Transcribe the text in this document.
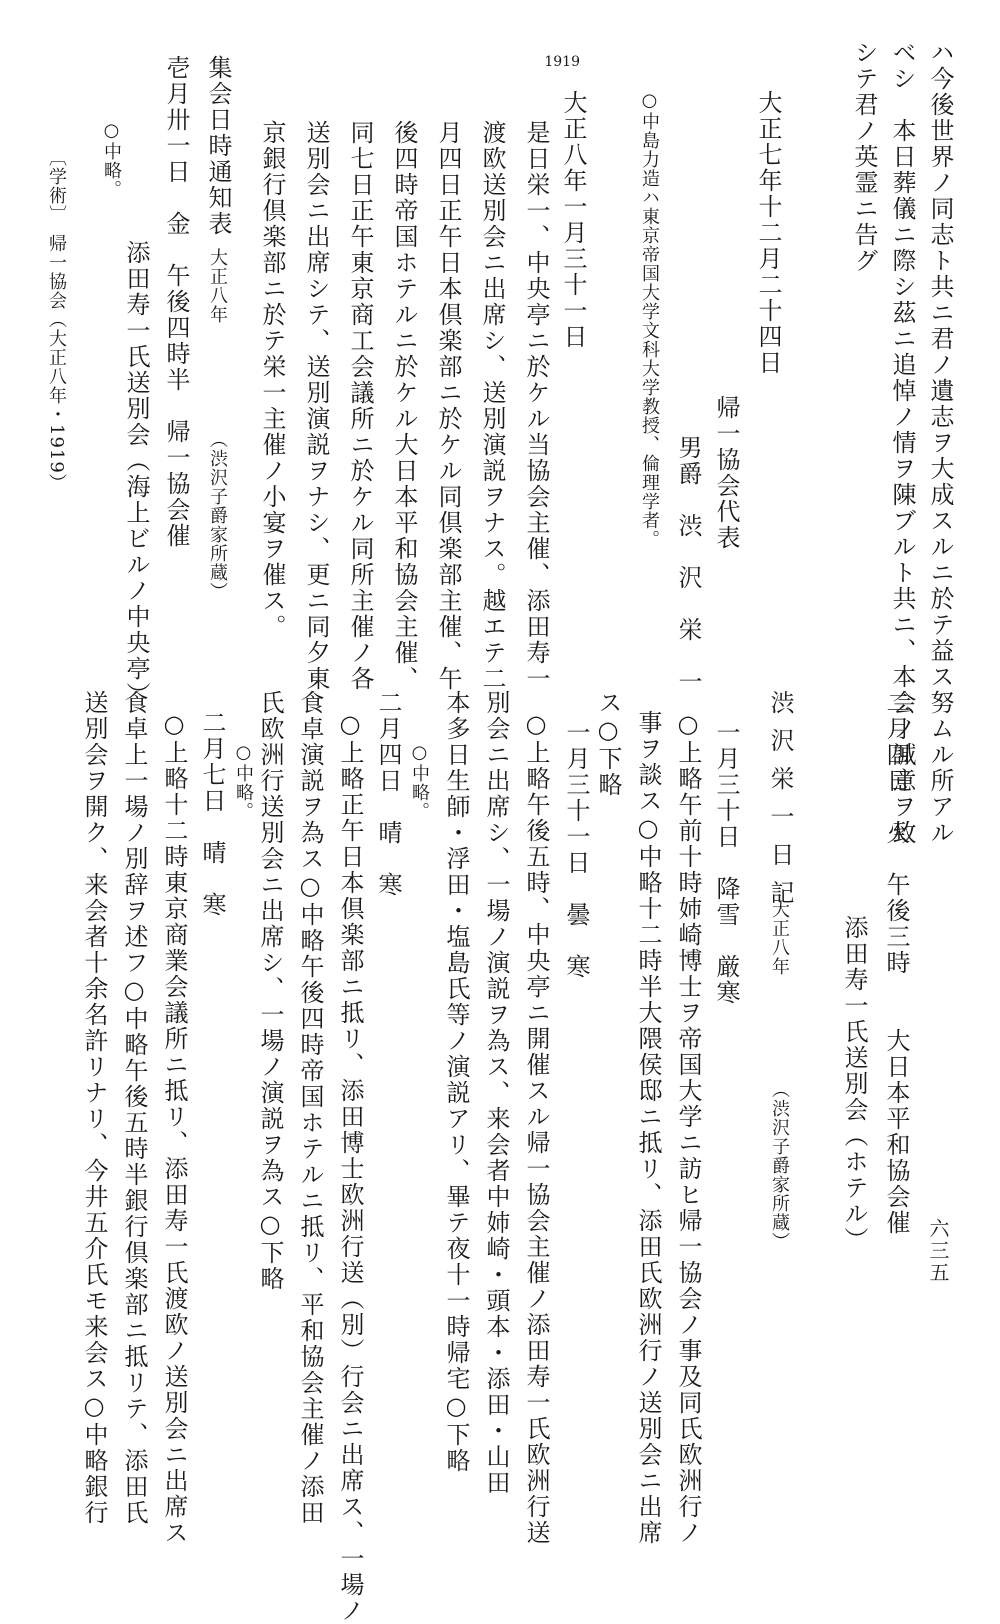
ハ今後世界ノ同志ト共ニ君ノ遺志ヲ大成スルニ於テ益ス努ムル所アル
ベシ　本日葬儀ニ際シ茲ニ追悼ノ情ヲ陳ブルト共ニ、本会ノ誠意ヲ致
シテ君ノ英霊ニ告グ
大正七年十二月二十四日
帰一協会代表
男爵　渋　沢　栄　一
○中島力造ハ東京帝国大学文科大学教授、倫理学者。
1919
大正八年一月三十一日
是日栄一、中央亭ニ於ケル当協会主催、添田寿一
渡欧送別会ニ出席シ、送別演説ヲナス。越エテ二
月四日正午日本倶楽部ニ於ケル同倶楽部主催、午
後四時帝国ホテルニ於ケル大日本平和協会主催、
同七日正午東京商工会議所ニ於ケル同所主催ノ各
送別会ニ出席シテ、送別演説ヲナシ、更ニ同夕東
京銀行倶楽部ニ於テ栄一主催ノ小宴ヲ催ス。
集会日時通知表
大正八年
（渋沢子爵家所蔵）
壱月卅一日　金　午後四時半　帰一協会催
添田寿一氏送別会（海上ビルノ中央亭）
○中略。
〔学術〕　帰一協会（大正八年・1919）
二月四日　火　午後三時　　大日本平和協会催
添田寿一氏送別会（ホテル）
渋沢栄一日記
大正八年
（渋沢子爵家所蔵）
一月三十日　降雪　厳寒
○上略午前十時姉崎博士ヲ帝国大学ニ訪ヒ帰一協会ノ事及同氏欧洲行ノ
事ヲ談ス○中略十二時半大隈侯邸ニ抵リ、添田氏欧洲行ノ送別会ニ出席
ス○下略
一月三十一日　曇　寒
○上略午後五時、中央亭ニ開催スル帰一協会主催ノ添田寿一氏欧洲行送
別会ニ出席シ、一場ノ演説ヲ為ス、来会者中姉崎・頭本・添田・山田
本多日生師・浮田・塩島氏等ノ演説アリ、畢テ夜十一時帰宅○下略
○中略。
二月四日　晴　寒
○上略正午日本倶楽部ニ抵リ、添田博士欧洲行送（別）行会ニ出席ス、一場ノ
食卓演説ヲ為ス○中略午後四時帝国ホテルニ抵リ、平和協会主催ノ添田
氏欧洲行送別会ニ出席シ、一場ノ演説ヲ為ス○下略
○中略。
二月七日　晴　寒
○上略十二時東京商業会議所ニ抵リ、添田寿一氏渡欧ノ送別会ニ出席ス
食卓上一場ノ別辞ヲ述フ○中略午後五時半銀行倶楽部ニ抵リテ、添田氏
送別会ヲ開ク、来会者十余名許リナリ、今井五介氏モ来会ス○中略銀行	六三五
